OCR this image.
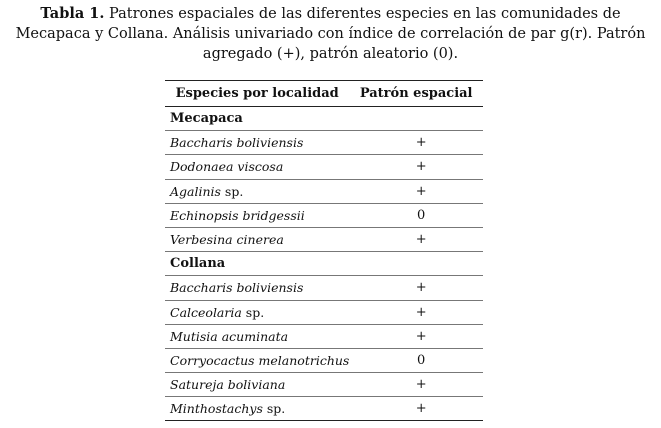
Tabla 1. Patrones espaciales de las diferentes especies en las comunidades de Mecapaca y Collana. Análisis univariado con índice de correlación de par g(r). Patrón agregado (+), patrón aleatorio (0).
Especies por localidad	Patrón espacial
Mecapaca	
Baccharis boliviensis	+
Dodonaea viscosa	+
Agalinis sp.	+
Echinopsis bridgessii	0
Verbesina cinerea	+
Collana	
Baccharis boliviensis	+
Calceolaria sp.	+
Mutisia acuminata	+
Corryocactus melanotrichus	0
Satureja boliviana	+
Minthostachys sp.	+
